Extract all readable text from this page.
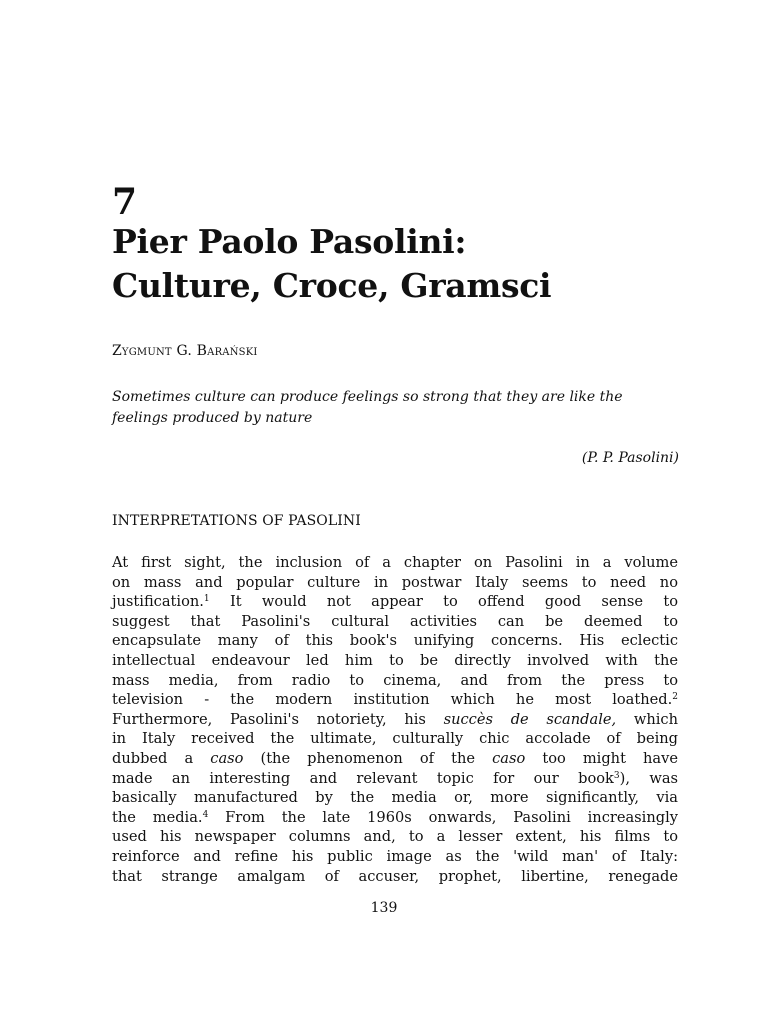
7
Pier Paolo Pasolini:
Culture, Croce, Gramsci
Zygmunt G. Barański

Sometimes culture can produce feelings so strong that they are like the
feelings produced by nature

(P. P. Pasolini)
INTERPRETATIONS OF PASOLINI
At first sight, the inclusion of a chapter on Pasolini in a volume
on mass and popular culture in postwar Italy seems to need no
justification.$^1$ It would not appear to offend good sense to
suggest that Pasolini's cultural activities can be deemed to
encapsulate many of this book's unifying concerns. His eclectic
intellectual endeavour led him to be directly involved with the
mass media, from radio to cinema, and from the press to
television - the modern institution which he most loathed.$^2$
Furthermore, Pasolini's notoriety, his succès de scandale, which
in Italy received the ultimate, culturally chic accolade of being
dubbed a caso (the phenomenon of the caso too might have
made an interesting and relevant topic for our book$^3$), was
basically manufactured by the media or, more significantly, via
the media.$^4$ From the late 1960s onwards, Pasolini increasingly
used his newspaper columns and, to a lesser extent, his films to
reinforce and refine his public image as the 'wild man' of Italy:
that strange amalgam of accuser, prophet, libertine, renegade
139
